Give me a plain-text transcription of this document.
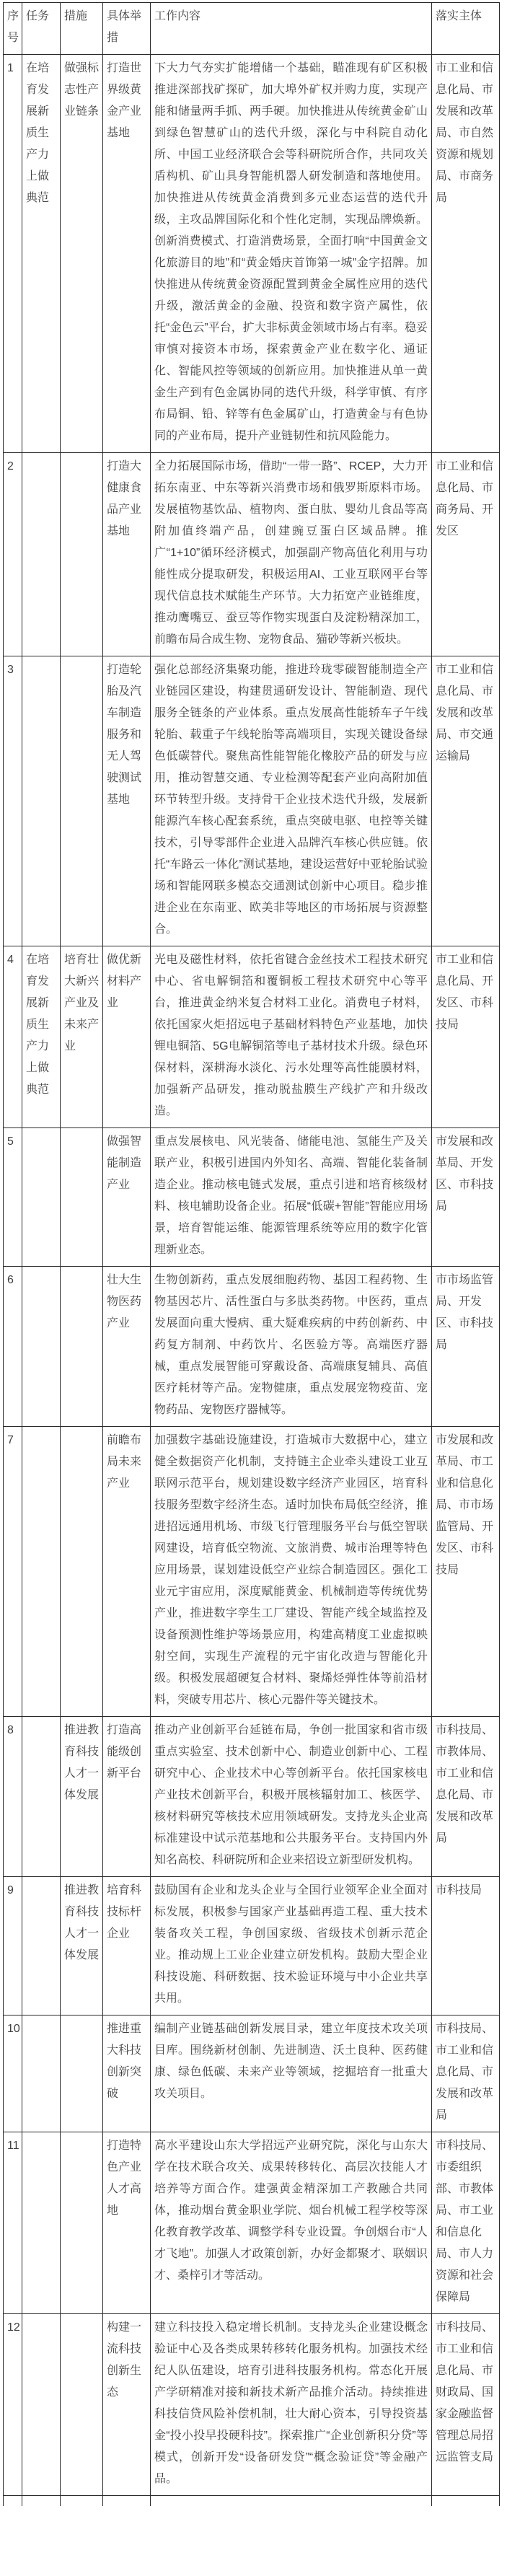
序号	任务	措施	具体举措	工作内容	落实主体
1	在培育发展新质生产力上做典范	做强标志性产业链条	打造世界级黄金产业基地	下大力气夯实扩能增储一个基础，瞄准现有矿区积极推进深部找矿探矿，加大埠外矿权并购力度，实现产能和储量两手抓、两手硬。加快推进从传统黄金矿山到绿色智慧矿山的迭代升级，深化与中科院自动化所、中国工业经济联合会等科研院所合作，共同攻关盾构机、矿山具身智能机器人研发制造和落地使用。加快推进从传统黄金消费到多元业态运营的迭代升级，主攻品牌国际化和个性化定制，实现品牌焕新。创新消费模式、打造消费场景，全面打响“中国黄金文化旅游目的地”和“黄金婚庆首饰第一城”金字招牌。加快推进从传统黄金资源配置到黄金全属性应用的迭代升级，激活黄金的金融、投资和数字资产属性，依托“金色云”平台，扩大非标黄金领域市场占有率。稳妥审慎对接资本市场，探索黄金产业在数字化、通证化、智能风控等领域的创新应用。加快推进从单一黄金生产到有色金属协同的迭代升级，科学审慎、有序布局铜、铅、锌等有色金属矿山，打造黄金与有色协同的产业布局，提升产业链韧性和抗风险能力。	市工业和信息化局、市发展和改革局、市自然资源和规划局、市商务局
2			打造大健康食品产业基地	全力拓展国际市场，借助“一带一路”、RCEP，大力开拓东南亚、中东等新兴消费市场和俄罗斯原料市场。发展植物基饮品、植物肉、蛋白肽、婴幼儿食品等高附加值终端产品，创建豌豆蛋白区域品牌。推广“1+10”循环经济模式，加强副产物高值化利用与功能性成分提取研发，积极运用AI、工业互联网平台等现代信息技术赋能生产环节。大力拓宽产业链维度，推动鹰嘴豆、蚕豆等作物实现蛋白及淀粉精深加工，前瞻布局合成生物、宠物食品、猫砂等新兴板块。	市工业和信息化局、市商务局、开发区
3			打造轮胎及汽车制造服务和无人驾驶测试基地	强化总部经济集聚功能，推进玲珑零碳智能制造全产业链园区建设，构建贯通研发设计、智能制造、现代服务全链条的产业体系。重点发展高性能轿车子午线轮胎、载重子午线轮胎等高端项目，实现关键设备绿色低碳替代。聚焦高性能智能化橡胶产品的研发与应用，推动智慧交通、专业检测等配套产业向高附加值环节转型升级。支持骨干企业技术迭代升级，发展新能源汽车核心配套系统，重点突破电驱、电控等关键技术，引导零部件企业进入品牌汽车核心供应链。依托“车路云一体化”测试基地，建设运营好中亚轮胎试验场和智能网联多模态交通测试创新中心项目。稳步推进企业在东南亚、欧美非等地区的市场拓展与资源整合。	市工业和信息化局、市发展和改革局、市交通运输局
4	在培育发展新质生产力上做典范	培育壮大新兴产业及未来产业	做优新材料产业	光电及磁性材料，依托省键合金丝技术工程技术研究中心、省电解铜箔和覆铜板工程技术研究中心等平台，推进黄金纳米复合材料工业化。消费电子材料，依托国家火炬招远电子基础材料特色产业基地，加快锂电铜箔、5G电解铜箔等电子基材技术升级。绿色环保材料，深耕海水淡化、污水处理等高性能膜材料，加强新产品研发，推动脱盐膜生产线扩产和升级改造。	市工业和信息化局、开发区、市科技局
5			做强智能制造产业	重点发展核电、风光装备、储能电池、氢能生产及关联产业，积极引进国内外知名、高端、智能化装备制造企业。推动核电链式发展，重点引进和培育核级材料、核电辅助设备企业。拓展“低碳+智能”智能应用场景，培育智能运维、能源管理系统等应用的数字化管理新业态。	市发展和改革局、开发区、市科技局
6			壮大生物医药产业	生物创新药，重点发展细胞药物、基因工程药物、生物基因芯片、活性蛋白与多肽类药物。中医药，重点发展面向重大慢病、重大疑难疾病的中药创新药、中药复方制剂、中药饮片、名医验方等。高端医疗器械，重点发展智能可穿戴设备、高端康复辅具、高值医疗耗材等产品。宠物健康，重点发展宠物疫苗、宠物药品、宠物医疗器械等。	市市场监管局、开发区、市科技局
7			前瞻布局未来产业	加强数字基础设施建设，打造城市大数据中心，建立健全数据资产化机制，支持链主企业牵头建设工业互联网示范平台，规划建设数字经济产业园区，培育科技服务型数字经济生态。适时加快布局低空经济，推进招远通用机场、市级飞行管理服务平台与低空智联网建设，培育低空物流、文旅消费、城市治理等特色应用场景，谋划建设低空产业综合制造园区。强化工业元宇宙应用，深度赋能黄金、机械制造等传统优势产业，推进数字孪生工厂建设、智能产线全域监控及设备预测性维护等场景应用，构建高精度工业虚拟映射空间，实现生产流程的元宇宙化改造与智能化升级。积极发展超硬复合材料、聚烯烃弹性体等前沿材料，突破专用芯片、核心元器件等关键技术。	市发展和改革局、市工业和信息化局、市市场监管局、开发区、市科技局
8		推进教育科技人才一体发展	打造高能级创新平台	推动产业创新平台延链布局，争创一批国家和省市级重点实验室、技术创新中心、制造业创新中心、工程研究中心、企业技术中心等创新平台。依托国家核电产业技术创新平台，积极开展核辐射加工、核医学、核材料研究等核技术应用领域研发。支持龙头企业高标准建设中试示范基地和公共服务平台。支持国内外知名高校、科研院所和企业来招设立新型研发机构。	市科技局、市教体局、市工业和信息化局、市发展和改革局
9		推进教育科技人才一体发展	培育科技标杆企业	鼓励国有企业和龙头企业与全国行业领军企业全面对标发展，积极参与国家产业基础再造工程、重大技术装备攻关工程，争创国家级、省级技术创新示范企业。推动规上工业企业建立研发机构。鼓励大型企业科技设施、科研数据、技术验证环境与中小企业共享共用。	市科技局
10			推进重大科技创新突破	编制产业链基础创新发展目录，建立年度技术攻关项目库。围绕新材创制、先进制造、沃土良种、医药健康、绿色低碳、未来产业等领域，挖掘培育一批重大攻关项目。	市科技局、市工业和信息化局、市发展和改革局
11			打造特色产业人才高地	高水平建设山东大学招远产业研究院，深化与山东大学在技术联合攻关、成果转移转化、高层次技能人才培养等方面合作。建强黄金精深加工产教融合共同体，推动烟台黄金职业学院、烟台机械工程学校等深化教育教学改革、调整学科专业设置。争创烟台市“人才飞地”。加强人才政策创新，办好金都聚才、联姻识才、桑梓引才等活动。	市科技局、市委组织部、市教体局、市工业和信息化局、市人力资源和社会保障局
12			构建一流科技创新生态	建立科技投入稳定增长机制。支持龙头企业建设概念验证中心及各类成果转移转化服务机构。加强技术经纪人队伍建设，培育引进科技服务机构。常态化开展产学研精准对接和新技术新产品推介活动。持续推进科技信贷风险补偿机制，壮大耐心资本，引导投资基金“投小投早投硬科技”。探索推广“企业创新积分贷”等模式，创新开发“设备研发贷”“概念验证贷”等金融产品。	市科技局、市工业和信息化局、市财政局、国家金融监督管理总局招远监管支局
